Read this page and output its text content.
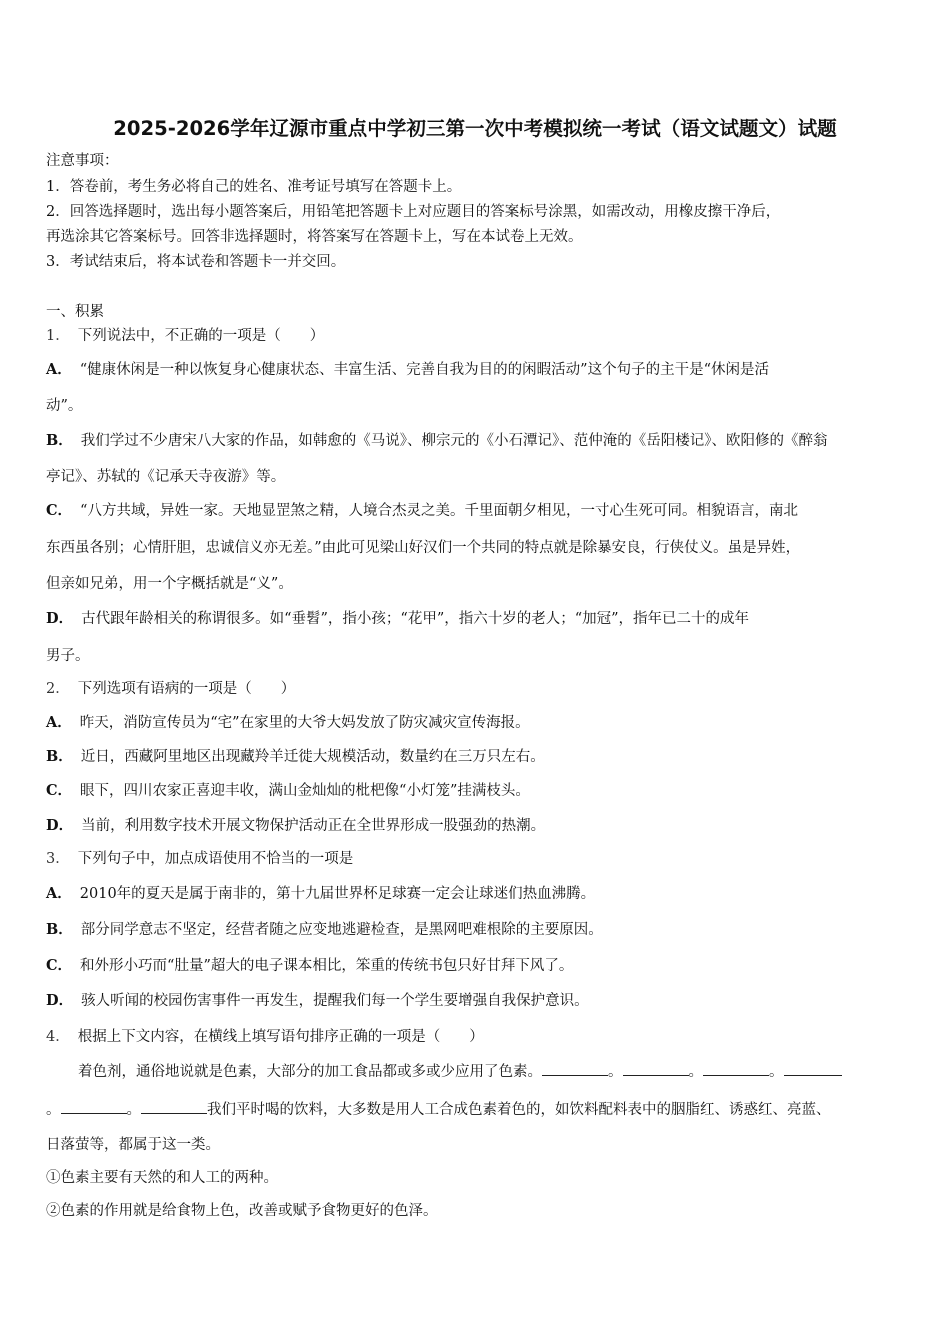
2025-2026学年辽源市重点中学初三第一次中考模拟统一考试（语文试题文）试题
注意事项：
1．答卷前，考生务必将自己的姓名、准考证号填写在答题卡上。
2．回答选择题时，选出每小题答案后，用铅笔把答题卡上对应题目的答案标号涂黑，如需改动，用橡皮擦干净后，
再选涂其它答案标号。回答非选择题时，将答案写在答题卡上，写在本试卷上无效。
3．考试结束后，将本试卷和答题卡一并交回。
一、积累
1． 下列说法中，不正确的一项是（　　）
A． “健康休闲是一种以恢复身心健康状态、丰富生活、完善自我为目的的闲暇活动”这个句子的主干是“休闲是活
动”。
B． 我们学过不少唐宋八大家的作品，如韩愈的《马说》、柳宗元的《小石潭记》、范仲淹的《岳阳楼记》、欧阳修的《醉翁
亭记》、苏轼的《记承天寺夜游》等。
C． “八方共域，异姓一家。天地显罡煞之精，人境合杰灵之美。千里面朝夕相见，一寸心生死可同。相貌语言，南北
东西虽各别；心情肝胆，忠诚信义亦无差。”由此可见梁山好汉们一个共同的特点就是除暴安良，行侠仗义。虽是异姓，
但亲如兄弟，用一个字概括就是“义”。
D． 古代跟年龄相关的称谓很多。如“垂髫”，指小孩；“花甲”，指六十岁的老人；“加冠”，指年已二十的成年
男子。
2． 下列选项有语病的一项是（　　）
A． 昨天，消防宣传员为“宅”在家里的大爷大妈发放了防灾减灾宣传海报。
B． 近日，西藏阿里地区出现藏羚羊迁徙大规模活动，数量约在三万只左右。
C． 眼下，四川农家正喜迎丰收，满山金灿灿的枇杷像“小灯笼”挂满枝头。
D． 当前，利用数字技术开展文物保护活动正在全世界形成一股强劲的热潮。
3． 下列句子中，加点成语使用不恰当的一项是
A． 2010年的夏天是属于南非的，第十九届世界杯足球赛一定会让球迷们热血沸腾。
B． 部分同学意志不坚定，经营者随之应变地逃避检查，是黑网吧难根除的主要原因。
C． 和外形小巧而“肚量”超大的电子课本相比，笨重的传统书包只好甘拜下风了。
D． 骇人听闻的校园伤害事件一再发生，提醒我们每一个学生要增强自我保护意识。
4． 根据上下文内容，在横线上填写语句排序正确的一项是（　　）
着色剂，通俗地说就是色素，大部分的加工食品都或多或少应用了色素。	。	。	。
。	。	我们平时喝的饮料，大多数是用人工合成色素着色的，如饮料配料表中的胭脂红、诱惑红、亮蓝、
日落萤等，都属于这一类。
①色素主要有天然的和人工的两种。
②色素的作用就是给食物上色，改善或赋予食物更好的色泽。
